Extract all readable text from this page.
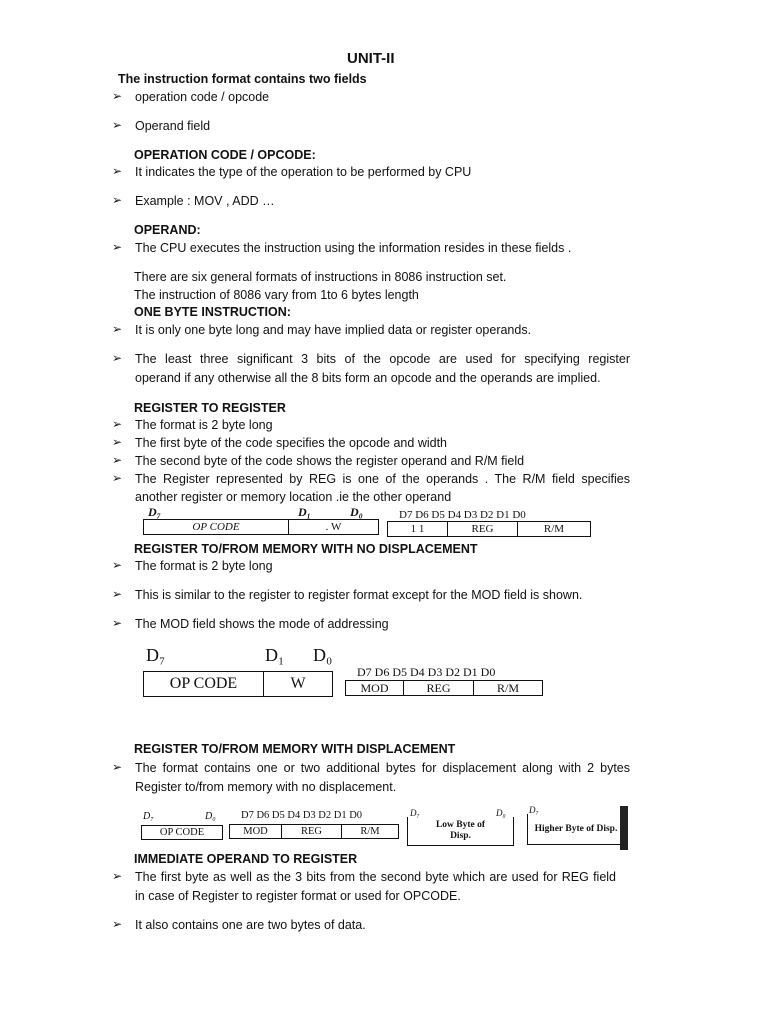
UNIT-II
The instruction format contains two fields
➢ operation code / opcode
➢ Operand field
OPERATION CODE / OPCODE:
➢ It indicates the type of the operation to be performed by CPU
➢ Example : MOV , ADD …
OPERAND:
➢ The CPU executes the instruction using the information resides in these fields .
There are six general formats of instructions in 8086 instruction set.
The instruction of 8086 vary from 1to 6 bytes length
ONE BYTE INSTRUCTION:
➢ It is only one byte long and may have implied data or register operands.
➢ The least three significant 3 bits of the opcode are used for specifying register
operand if any otherwise all the 8 bits form an opcode and the operands are implied.
REGISTER TO REGISTER
➢ The format is 2 byte long
➢ The first byte of the code specifies the opcode and width
➢ The second byte of the code shows the register operand and R/M field
➢ The Register represented by REG is one of the operands . The R/M field specifies
another register or memory location .ie the other operand
D₇	D₁	D₀
OP CODE	. W
D7 D6 D5 D4 D3 D2 D1 D0
1 1	REG	R/M
REGISTER TO/FROM MEMORY WITH NO DISPLACEMENT
➢ The format is 2 byte long
➢ This is similar to the register to register format except for the MOD field is shown.
➢ The MOD field shows the mode of addressing
D₇	D₁ D₀
OP CODE	W
D7 D6 D5 D4 D3 D2 D1 D0
MOD	REG	R/M
REGISTER TO/FROM MEMORY WITH DISPLACEMENT
➢ The format contains one or two additional bytes for displacement along with 2 bytes
Register to/from memory with no displacement.
D₇	D₀
OP CODE
D7 D6 D5 D4 D3 D2 D1 D0
MOD	REG	R/M
D₇	D₀
Low Byte of Disp.
D₇
Higher Byte of Disp.
IMMEDIATE OPERAND TO REGISTER
➢ The first byte as well as the 3 bits from the second byte which are used for REG field
in case of Register to register format or used for OPCODE.
➢ It also contains one are two bytes of data.
